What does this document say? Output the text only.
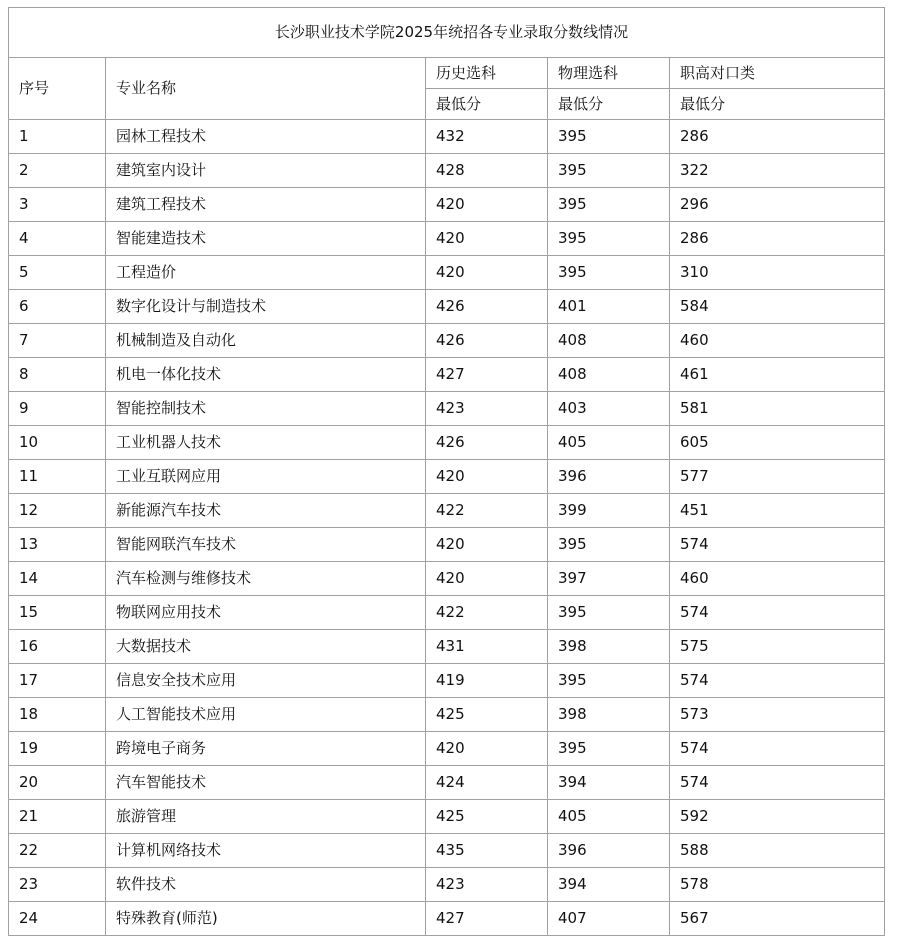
长沙职业技术学院2025年统招各专业录取分数线情况				
序号	专业名称	历史选科	物理选科	职高对口类
		最低分	最低分	最低分
1	园林工程技术	432	395	286
2	建筑室内设计	428	395	322
3	建筑工程技术	420	395	296
4	智能建造技术	420	395	286
5	工程造价	420	395	310
6	数字化设计与制造技术	426	401	584
7	机械制造及自动化	426	408	460
8	机电一体化技术	427	408	461
9	智能控制技术	423	403	581
10	工业机器人技术	426	405	605
11	工业互联网应用	420	396	577
12	新能源汽车技术	422	399	451
13	智能网联汽车技术	420	395	574
14	汽车检测与维修技术	420	397	460
15	物联网应用技术	422	395	574
16	大数据技术	431	398	575
17	信息安全技术应用	419	395	574
18	人工智能技术应用	425	398	573
19	跨境电子商务	420	395	574
20	汽车智能技术	424	394	574
21	旅游管理	425	405	592
22	计算机网络技术	435	396	588
23	软件技术	423	394	578
24	特殊教育(师范)	427	407	567
